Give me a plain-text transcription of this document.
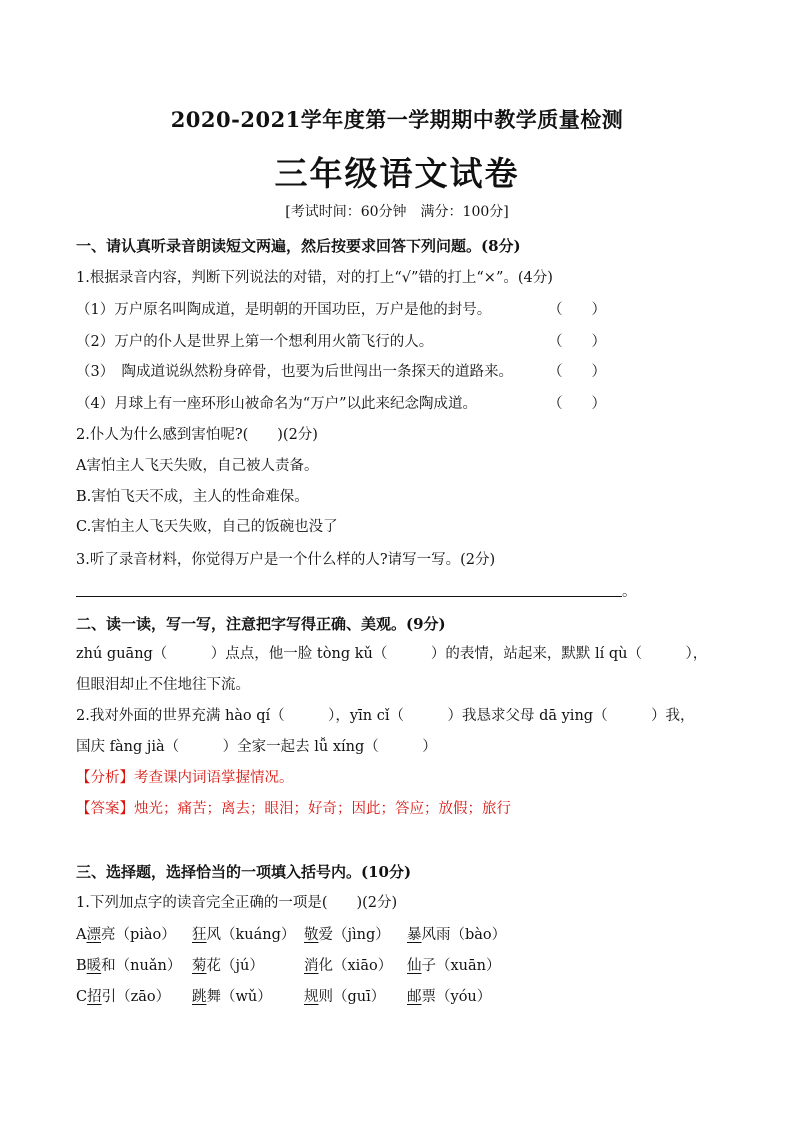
2020-2021学年度第一学期期中教学质量检测
三年级语文试卷
[考试时间：60分钟　满分：100分]
一、请认真听录音朗读短文两遍，然后按要求回答下列问题。(8分)
1.根据录音内容，判断下列说法的对错，对的打上“√”错的打上“×”。(4分)
（1）万户原名叫陶成道，是明朝的开国功臣，万户是他的封号。	（　　）
（2）万户的仆人是世界上第一个想利用火箭飞行的人。	（　　）
（3）　陶成道说纵然粉身碎骨，也要为后世闯出一条探天的道路来。 （　　）
（4）月球上有一座环形山被命名为“万户”以此来纪念陶成道。	（　　）
2.仆人为什么感到害怕呢?(　　)(2分)
A害怕主人飞天失败，自己被人责备。
B.害怕飞天不成，主人的性命难保。
C.害怕主人飞天失败，自己的饭碗也没了
3.听了录音材料，你觉得万户是一个什么样的人?请写一写。(2分)
。
二、读一读，写一写，注意把字写得正确、美观。(9分)
zhú guāng（　　　）点点，他一脸 tòng kǔ（　　　）的表情，站起来，默默 lí qù（　　　），
但眼泪却止不住地往下流。
2.我对外面的世界充满 hào qí（　　　），yīn cǐ（　　　）我恳求父母 dā ying（　　　）我，
国庆 fàng jià（　　　）全家一起去 lǚ xíng（　　　）
【分析】考查课内词语掌握情况。
【答案】烛光；痛苦；离去；眼泪；好奇；因此；答应；放假；旅行
三、选择题，选择恰当的一项填入括号内。(10分)
1.下列加点字的读音完全正确的一项是(　　)(2分)
A漂亮（piào） 狂风（kuáng） 敬爱（jìng） 暴风雨（bào）
B暖和（nuǎn） 菊花（jú）	消化（xiāo） 仙子（xuān）
C招引（zāo） 跳舞（wǔ） 规则（guī） 邮票（yóu）
